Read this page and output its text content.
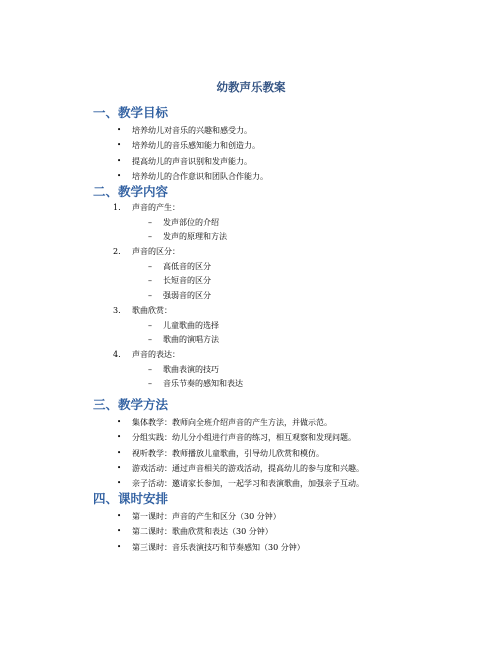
幼教声乐教案
一、教学目标
• 培养幼儿对音乐的兴趣和感受力。
• 培养幼儿的音乐感知能力和创造力。
• 提高幼儿的声音识别和发声能力。
• 培养幼儿的合作意识和团队合作能力。
二、教学内容
1. 声音的产生：
– 发声部位的介绍
– 发声的原理和方法
2. 声音的区分：
– 高低音的区分
– 长短音的区分
– 强弱音的区分
3. 歌曲欣赏：
– 儿童歌曲的选择
– 歌曲的演唱方法
4. 声音的表达：
– 歌曲表演的技巧
– 音乐节奏的感知和表达
三、教学方法
• 集体教学：教师向全班介绍声音的产生方法，并做示范。
• 分组实践：幼儿分小组进行声音的练习，相互观察和发现问题。
• 视听教学：教师播放儿童歌曲，引导幼儿欣赏和模仿。
• 游戏活动：通过声音相关的游戏活动，提高幼儿的参与度和兴趣。
• 亲子活动：邀请家长参加，一起学习和表演歌曲，加强亲子互动。
四、课时安排
• 第一课时：声音的产生和区分（30 分钟）
• 第二课时：歌曲欣赏和表达（30 分钟）
• 第三课时：音乐表演技巧和节奏感知（30 分钟）
